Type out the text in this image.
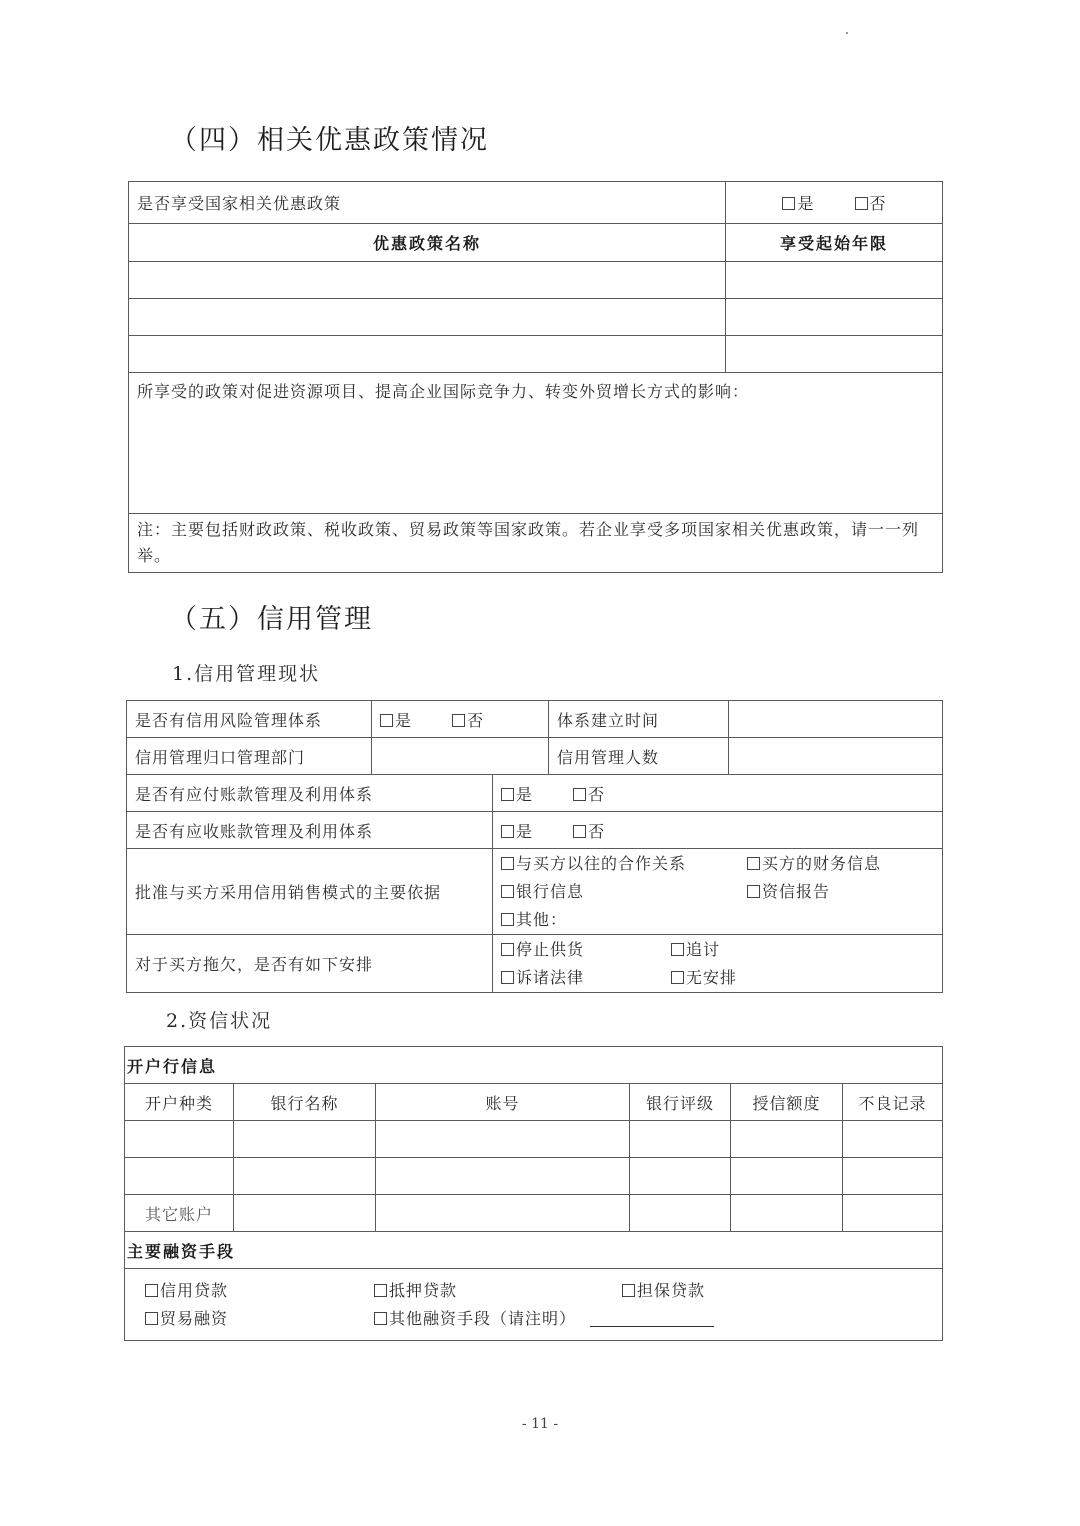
（四）相关优惠政策情况
是否享受国家相关优惠政策	是 否
优惠政策名称	享受起始年限

所享受的政策对促进资源项目、提高企业国际竞争力、转变外贸增长方式的影响：	
注：主要包括财政政策、税收政策、贸易政策等国家政策。若企业享受多项国家相关优惠政策，请一一列举。	
（五）信用管理
1.信用管理现状
是否有信用风险管理体系	是 否		体系建立时间	
信用管理归口管理部门			信用管理人数	
是否有应付账款管理及利用体系		是 否		
是否有应收账款管理及利用体系		是 否		
批准与买方采用信用销售模式的主要依据		与买方以往的合作关系 买方的财务信息
银行信息 资信报告
其他：		

对于买方拖欠，是否有如下安排		停止供货 追讨
诉诸法律 无安排		
2.资信状况
开户行信息					
开户种类	银行名称	账号	银行评级	授信额度	不良记录

其它账户					
主要融资手段					

信用贷款 抵押贷款 担保贷款
贸易融资 其他融资手段（请注明）					
- 11 -
